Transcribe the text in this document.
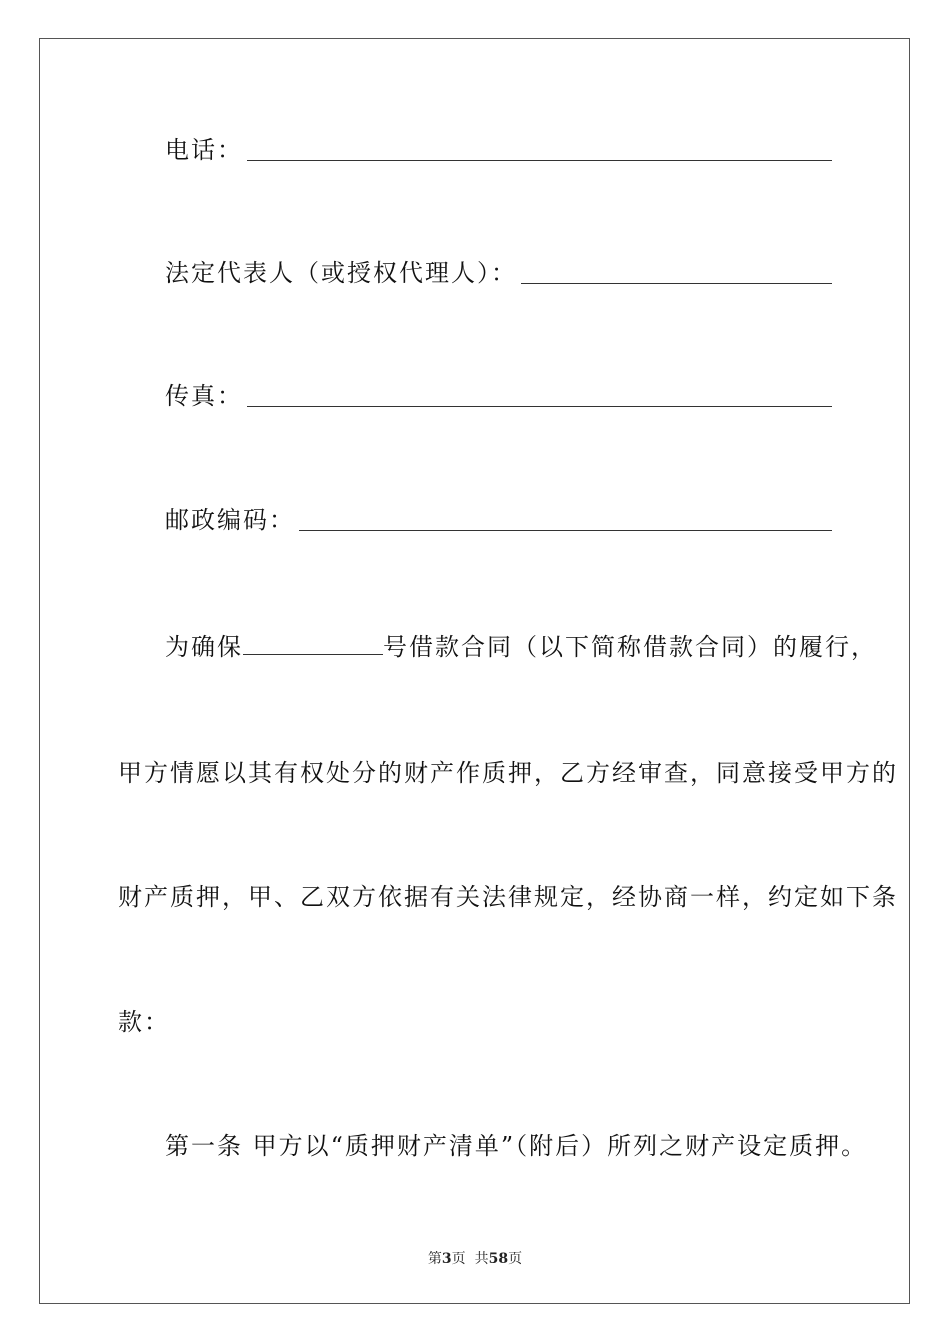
电话：
法定代表人（或授权代理人）：
传真：
邮政编码：
为确保	号借款合同（以下简称借款合同）的履行，
甲方情愿以其有权处分的财产作质押，乙方经审查，同意接受甲方的
财产质押，甲、乙双方依据有关法律规定，经协商一样，约定如下条
款：
第一条 甲方以“质押财产清单”（附后）所列之财产设定质押。
第3页  共58页
